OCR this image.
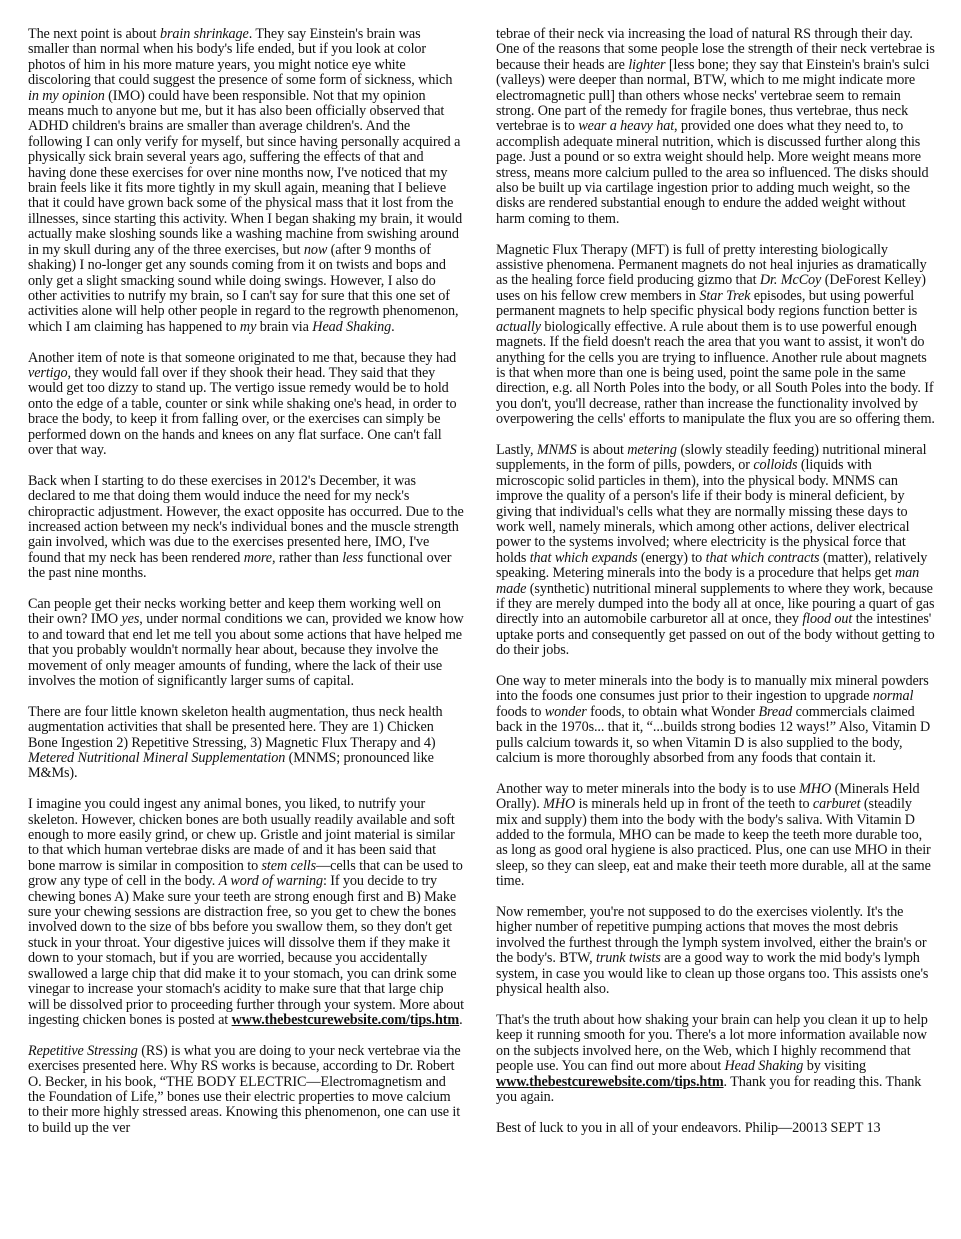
The next point is about brain shrinkage. They say Einstein's brain was smaller than normal when his body's life ended, but if you look at color photos of him in his more mature years, you might notice eye white discoloring that could suggest the presence of some form of sickness, which in my opinion (IMO) could have been responsible. Not that my opinion means much to anyone but me, but it has also been officially observed that ADHD children's brains are smaller than average children's. And the following I can only verify for myself, but since having personally acquired a physically sick brain several years ago, suffering the effects of that and having done these exercises for over nine months now, I've noticed that my brain feels like it fits more tightly in my skull again, meaning that I believe that it could have grown back some of the physical mass that it lost from the illnesses, since starting this activity. When I began shaking my brain, it would actually make sloshing sounds like a washing machine from swishing around in my skull during any of the three exercises, but now (after 9 months of shaking) I no-longer get any sounds coming from it on twists and bops and only get a slight smacking sound while doing swings. However, I also do other activities to nutrify my brain, so I can't say for sure that this one set of activities alone will help other people in regard to the regrowth phenomenon, which I am claiming has happened to my brain via Head Shaking.

Another item of note is that someone originated to me that, because they had vertigo, they would fall over if they shook their head. They said that they would get too dizzy to stand up. The vertigo issue remedy would be to hold onto the edge of a table, counter or sink while shaking one's head, in order to brace the body, to keep it from falling over, or the exercises can simply be performed down on the hands and knees on any flat surface. One can't fall over that way.

Back when I starting to do these exercises in 2012's December, it was declared to me that doing them would induce the need for my neck's chiropractic adjustment. However, the exact opposite has occurred. Due to the increased action between my neck's individual bones and the muscle strength gain involved, which was due to the exercises presented here, IMO, I've found that my neck has been rendered more, rather than less functional over the past nine months.

Can people get their necks working better and keep them working well on their own? IMO yes, under normal conditions we can, provided we know how to and toward that end let me tell you about some actions that have helped me that you probably wouldn't normally hear about, because they involve the movement of only meager amounts of funding, where the lack of their use involves the motion of significantly larger sums of capital.

There are four little known skeleton health augmentation, thus neck health augmentation activities that shall be presented here. They are 1) Chicken Bone Ingestion 2) Repetitive Stressing, 3) Magnetic Flux Therapy and 4) Metered Nutritional Mineral Supplementation (MNMS; pronounced like M&Ms).

I imagine you could ingest any animal bones, you liked, to nutrify your skeleton. However, chicken bones are both usually readily available and soft enough to more easily grind, or chew up. Gristle and joint material is similar to that which human vertebrae disks are made of and it has been said that bone marrow is similar in composition to stem cells—cells that can be used to grow any type of cell in the body. A word of warning: If you decide to try chewing bones A) Make sure your teeth are strong enough first and B) Make sure your chewing sessions are distraction free, so you get to chew the bones involved down to the size of bbs before you swallow them, so they don't get stuck in your throat. Your digestive juices will dissolve them if they make it down to your stomach, but if you are worried, because you accidentally swallowed a large chip that did make it to your stomach, you can drink some vinegar to increase your stomach's acidity to make sure that that large chip will be dissolved prior to proceeding further through your system. More about ingesting chicken bones is posted at www.thebestcurewebsite.com/tips.htm.

Repetitive Stressing (RS) is what you are doing to your neck vertebrae via the exercises presented here. Why RS works is because, according to Dr. Robert O. Becker, in his book, “THE BODY ELECTRIC—Electromagnetism and the Foundation of Life,” bones use their electric properties to move calcium to their more highly stressed areas. Knowing this phenomenon, one can use it to build up the ver

tebrae of their neck via increasing the load of natural RS through their day. One of the reasons that some people lose the strength of their neck vertebrae is because their heads are lighter [less bone; they say that Einstein's brain's sulci (valleys) were deeper than normal, BTW, which to me might indicate more electromagnetic pull] than others whose necks' vertebrae seem to remain strong. One part of the remedy for fragile bones, thus vertebrae, thus neck vertebrae is to wear a heavy hat, provided one does what they need to, to accomplish adequate mineral nutrition, which is discussed further along this page. Just a pound or so extra weight should help. More weight means more stress, means more calcium pulled to the area so influenced. The disks should also be built up via cartilage ingestion prior to adding much weight, so the disks are rendered substantial enough to endure the added weight without harm coming to them.

Magnetic Flux Therapy (MFT) is full of pretty interesting biologically assistive phenomena. Permanent magnets do not heal injuries as dramatically as the healing force field producing gizmo that Dr. McCoy (DeForest Kelley) uses on his fellow crew members in Star Trek episodes, but using powerful permanent magnets to help specific physical body regions function better is actually biologically effective. A rule about them is to use powerful enough magnets. If the field doesn't reach the area that you want to assist, it won't do anything for the cells you are trying to influence. Another rule about magnets is that when more than one is being used, point the same pole in the same direction, e.g. all North Poles into the body, or all South Poles into the body. If you don't, you'll decrease, rather than increase the functionality involved by overpowering the cells' efforts to manipulate the flux you are so offering them.

Lastly, MNMS is about metering (slowly steadily feeding) nutritional mineral supplements, in the form of pills, powders, or colloids (liquids with microscopic solid particles in them), into the physical body. MNMS can improve the quality of a person's life if their body is mineral deficient, by giving that individual's cells what they are normally missing these days to work well, namely minerals, which among other actions, deliver electrical power to the systems involved; where electricity is the physical force that holds that which expands (energy) to that which contracts (matter), relatively speaking. Metering minerals into the body is a procedure that helps get man made (synthetic) nutritional mineral supplements to where they work, because if they are merely dumped into the body all at once, like pouring a quart of gas directly into an automobile carburetor all at once, they flood out the intestines' uptake ports and consequently get passed on out of the body without getting to do their jobs.

One way to meter minerals into the body is to manually mix mineral powders into the foods one consumes just prior to their ingestion to upgrade normal foods to wonder foods, to obtain what Wonder Bread commercials claimed back in the 1970s... that it, “...builds strong bodies 12 ways!” Also, Vitamin D pulls calcium towards it, so when Vitamin D is also supplied to the body, calcium is more thoroughly absorbed from any foods that contain it.

Another way to meter minerals into the body is to use MHO (Minerals Held Orally). MHO is minerals held up in front of the teeth to carburet (steadily mix and supply) them into the body with the body's saliva. With Vitamin D added to the formula, MHO can be made to keep the teeth more durable too, as long as good oral hygiene is also practiced. Plus, one can use MHO in their sleep, so they can sleep, eat and make their teeth more durable, all at the same time.

Now remember, you're not supposed to do the exercises violently. It's the higher number of repetitive pumping actions that moves the most debris involved the furthest through the lymph system involved, either the brain's or the body's. BTW, trunk twists are a good way to work the mid body's lymph system, in case you would like to clean up those organs too. This assists one's physical health also.

That's the truth about how shaking your brain can help you clean it up to help keep it running smooth for you. There's a lot more information available now on the subjects involved here, on the Web, which I highly recommend that people use. You can find out more about Head Shaking by visiting www.thebestcurewebsite.com/tips.htm. Thank you for reading this. Thank you again.

Best of luck to you in all of your endeavors. Philip—20013 SEPT 13
